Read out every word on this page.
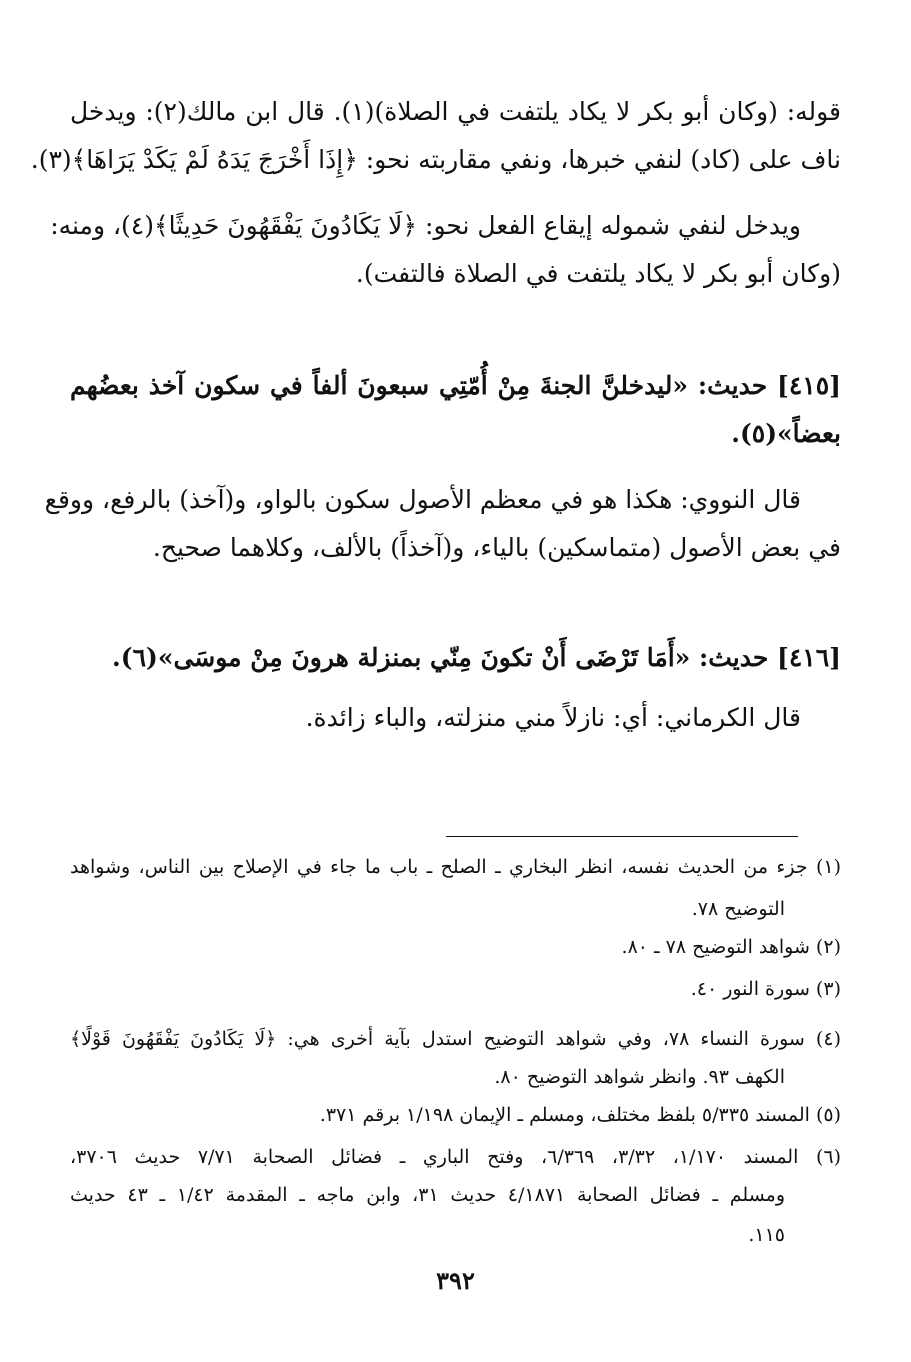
قوله: (وكان أبو بكر لا يكاد يلتفت في الصلاة)(١). قال ابن مالك(٢): ويدخل
ناف على (كاد) لنفي خبرها، ونفي مقاربته نحو: ﴿إِذَا أَخْرَجَ يَدَهُ لَمْ يَكَدْ يَرَاهَا﴾(٣).
ويدخل لنفي شموله إيقاع الفعل نحو: ﴿لَا يَكَادُونَ يَفْقَهُونَ حَدِيثًا﴾(٤)، ومنه:
(وكان أبو بكر لا يكاد يلتفت في الصلاة فالتفت).
[٤١٥] حديث: «ليدخلنَّ الجنةَ مِنْ أُمّتِي سبعونَ ألفاً في سكون آخذ بعضُهم
بعضاً»(٥).
قال النووي: هكذا هو في معظم الأصول سكون بالواو، و(آخذ) بالرفع، ووقع
في بعض الأصول (متماسكين) بالياء، و(آخذاً) بالألف، وكلاهما صحيح.
[٤١٦] حديث: «أَمَا تَرْضَى أَنْ تكونَ مِنّي بمنزلة هرونَ مِنْ موسَى»(٦).
قال الكرماني: أي: نازلاً مني منزلته، والباء زائدة.
(١) جزء من الحديث نفسه، انظر البخاري ـ الصلح ـ باب ما جاء في الإصلاح بين الناس، وشواهد
التوضيح ٧٨.
(٢) شواهد التوضيح ٧٨ ـ ٨٠.
(٣) سورة النور ٤٠.
(٤) سورة النساء ٧٨، وفي شواهد التوضيح استدل بآية أخرى هي: ﴿لَا يَكَادُونَ يَفْقَهُونَ قَوْلًا﴾
الكهف ٩٣. وانظر شواهد التوضيح ٨٠.
(٥) المسند ٥/٣٣٥ بلفظ مختلف، ومسلم ـ الإيمان ١/١٩٨ برقم ٣٧١.
(٦) المسند ١/١٧٠، ٣/٣٢، ٦/٣٦٩، وفتح الباري ـ فضائل الصحابة ٧/٧١ حديث ٣٧٠٦،
ومسلم ـ فضائل الصحابة ٤/١٨٧١ حديث ٣١، وابن ماجه ـ المقدمة ١/٤٢ ـ ٤٣ حديث
١١٥.
٣٩٢
